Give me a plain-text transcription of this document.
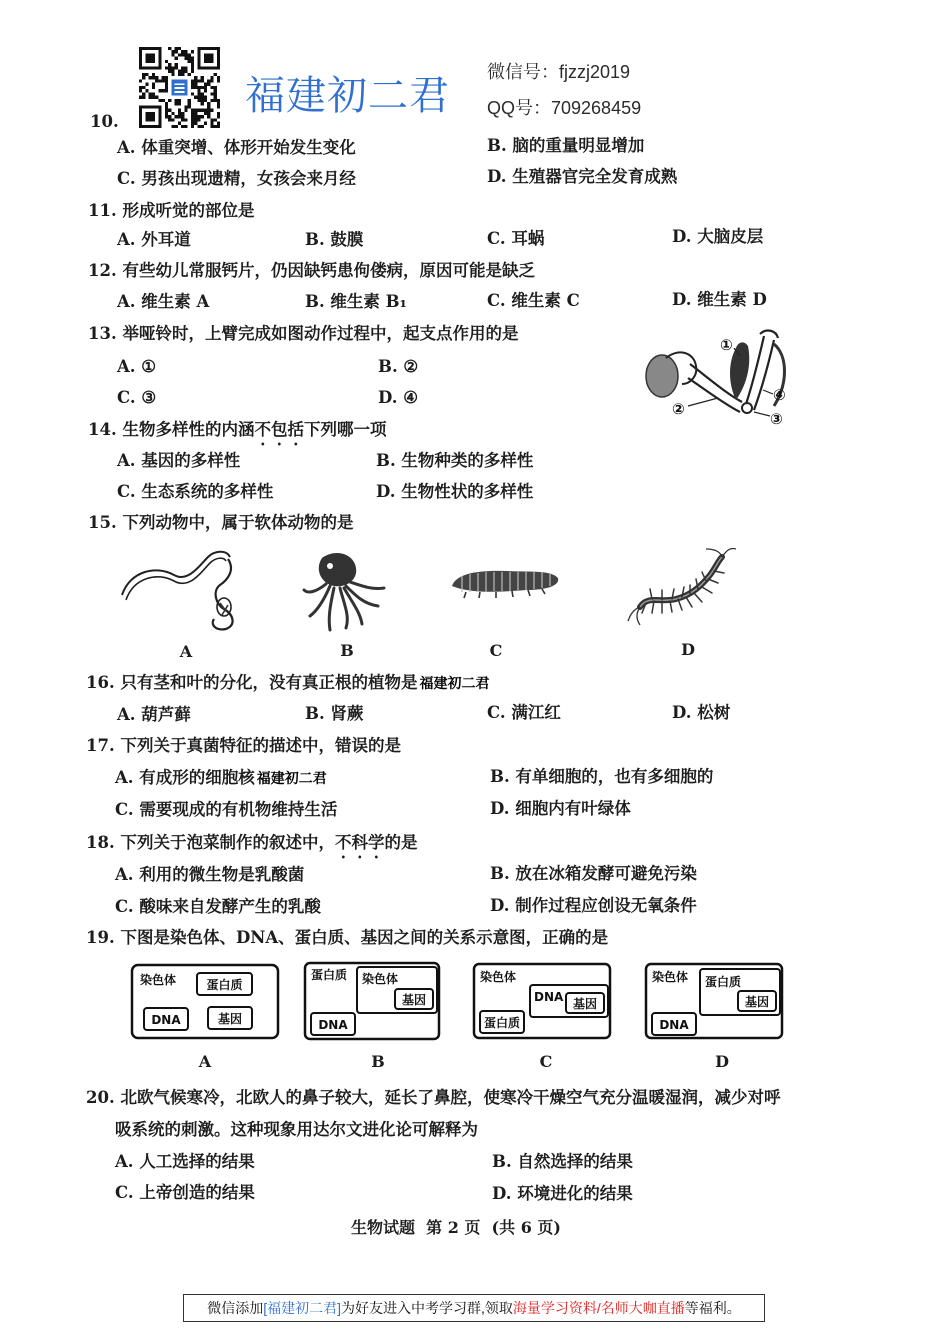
福建初二君
微信号：fjzzj2019
QQ号：709268459
10.
A. 体重突增、体形开始发生变化	B. 脑的重量明显增加
C. 男孩出现遗精，女孩会来月经	D. 生殖器官完全发育成熟
11. 形成听觉的部位是
A. 外耳道	B. 鼓膜	C. 耳蜗	D. 大脑皮层
12. 有些幼儿常服钙片，仍因缺钙患佝偻病，原因可能是缺乏
A. 维生素 A	B. 维生素 B₁	C. 维生素 C	D. 维生素 D
13. 举哑铃时，上臂完成如图动作过程中，起支点作用的是
A. ①	B. ②
C. ③	D. ④
①
②
③
④
14. 生物多样性的内涵不包括下列哪一项
A. 基因的多样性	B. 生物种类的多样性
C. 生态系统的多样性	D. 生物性状的多样性
15. 下列动物中，属于软体动物的是
A	B	C	D
16. 只有茎和叶的分化，没有真正根的植物是 福建初二君
A. 葫芦藓	B. 肾蕨	C. 满江红	D. 松树
17. 下列关于真菌特征的描述中，错误的是
A. 有成形的细胞核 福建初二君	B. 有单细胞的，也有多细胞的
C. 需要现成的有机物维持生活	D. 细胞内有叶绿体
18. 下列关于泡菜制作的叙述中，不科学的是
A. 利用的微生物是乳酸菌	B. 放在冰箱发酵可避免污染
C. 酸味来自发酵产生的乳酸	D. 制作过程应创设无氧条件
19. 下图是染色体、DNA、蛋白质、基因之间的关系示意图，正确的是
染色体	蛋白质
DNA	基因
蛋白质 染色体
基因
DNA
染色体
DNA 基因
蛋白质
染色体 蛋白质
基因
DNA
A	B	C	D
20. 北欧气候寒冷，北欧人的鼻子较大，延长了鼻腔，使寒冷干燥空气充分温暖湿润，减少对呼
吸系统的刺激。这种现象用达尔文进化论可解释为
A. 人工选择的结果	B. 自然选择的结果
C. 上帝创造的结果	D. 环境进化的结果
生物试题  第 2 页  (共 6 页)
微信添加[福建初二君]为好友进入中考学习群,领取海量学习资料/名师大咖直播等福利。
